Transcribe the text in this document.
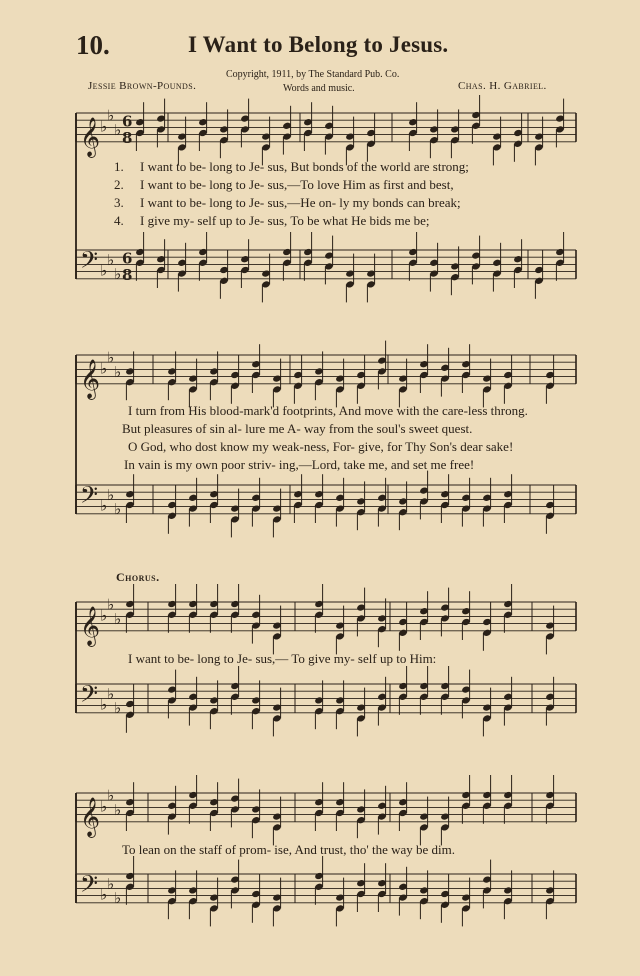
𝄞 ♭
♭
♭ 6
8
𝄢 ♭
♭
♭
6
8
𝄞 ♭
♭
♭
𝄢 ♭
♭
♭
𝄞 ♭
♭
♭
𝄢 ♭
♭
♭
𝄞 ♭
♭
♭
𝄢 ♭
♭
♭
10.	I Want to Belong to Jesus.
Copyright, 1911, by The Standard Pub. Co.
Words and music.
Jessie Brown-Pounds.	Chas. H. Gabriel.
1.
2.
3.
4.
I want to be- long to Je- sus, But bonds of the world are strong;
I want to be- long to Je- sus,—To love Him as first and best,
I want to be- long to Je- sus,—He on- ly my bonds can break;
I give my- self up to Je- sus, To be what He bids me be;
I turn from His blood-mark'd footprints, And move with the care-less throng.
But pleasures of sin al- lure me A- way from the soul's sweet quest.
O God, who dost know my weak-ness, For- give, for Thy Son's dear sake!
In vain is my own poor striv- ing,—Lord, take me, and set me free!
Chorus.
I want to be- long to Je- sus,— To give my- self up to Him:
To lean on the staff of prom- ise, And trust, tho' the way be dim.
